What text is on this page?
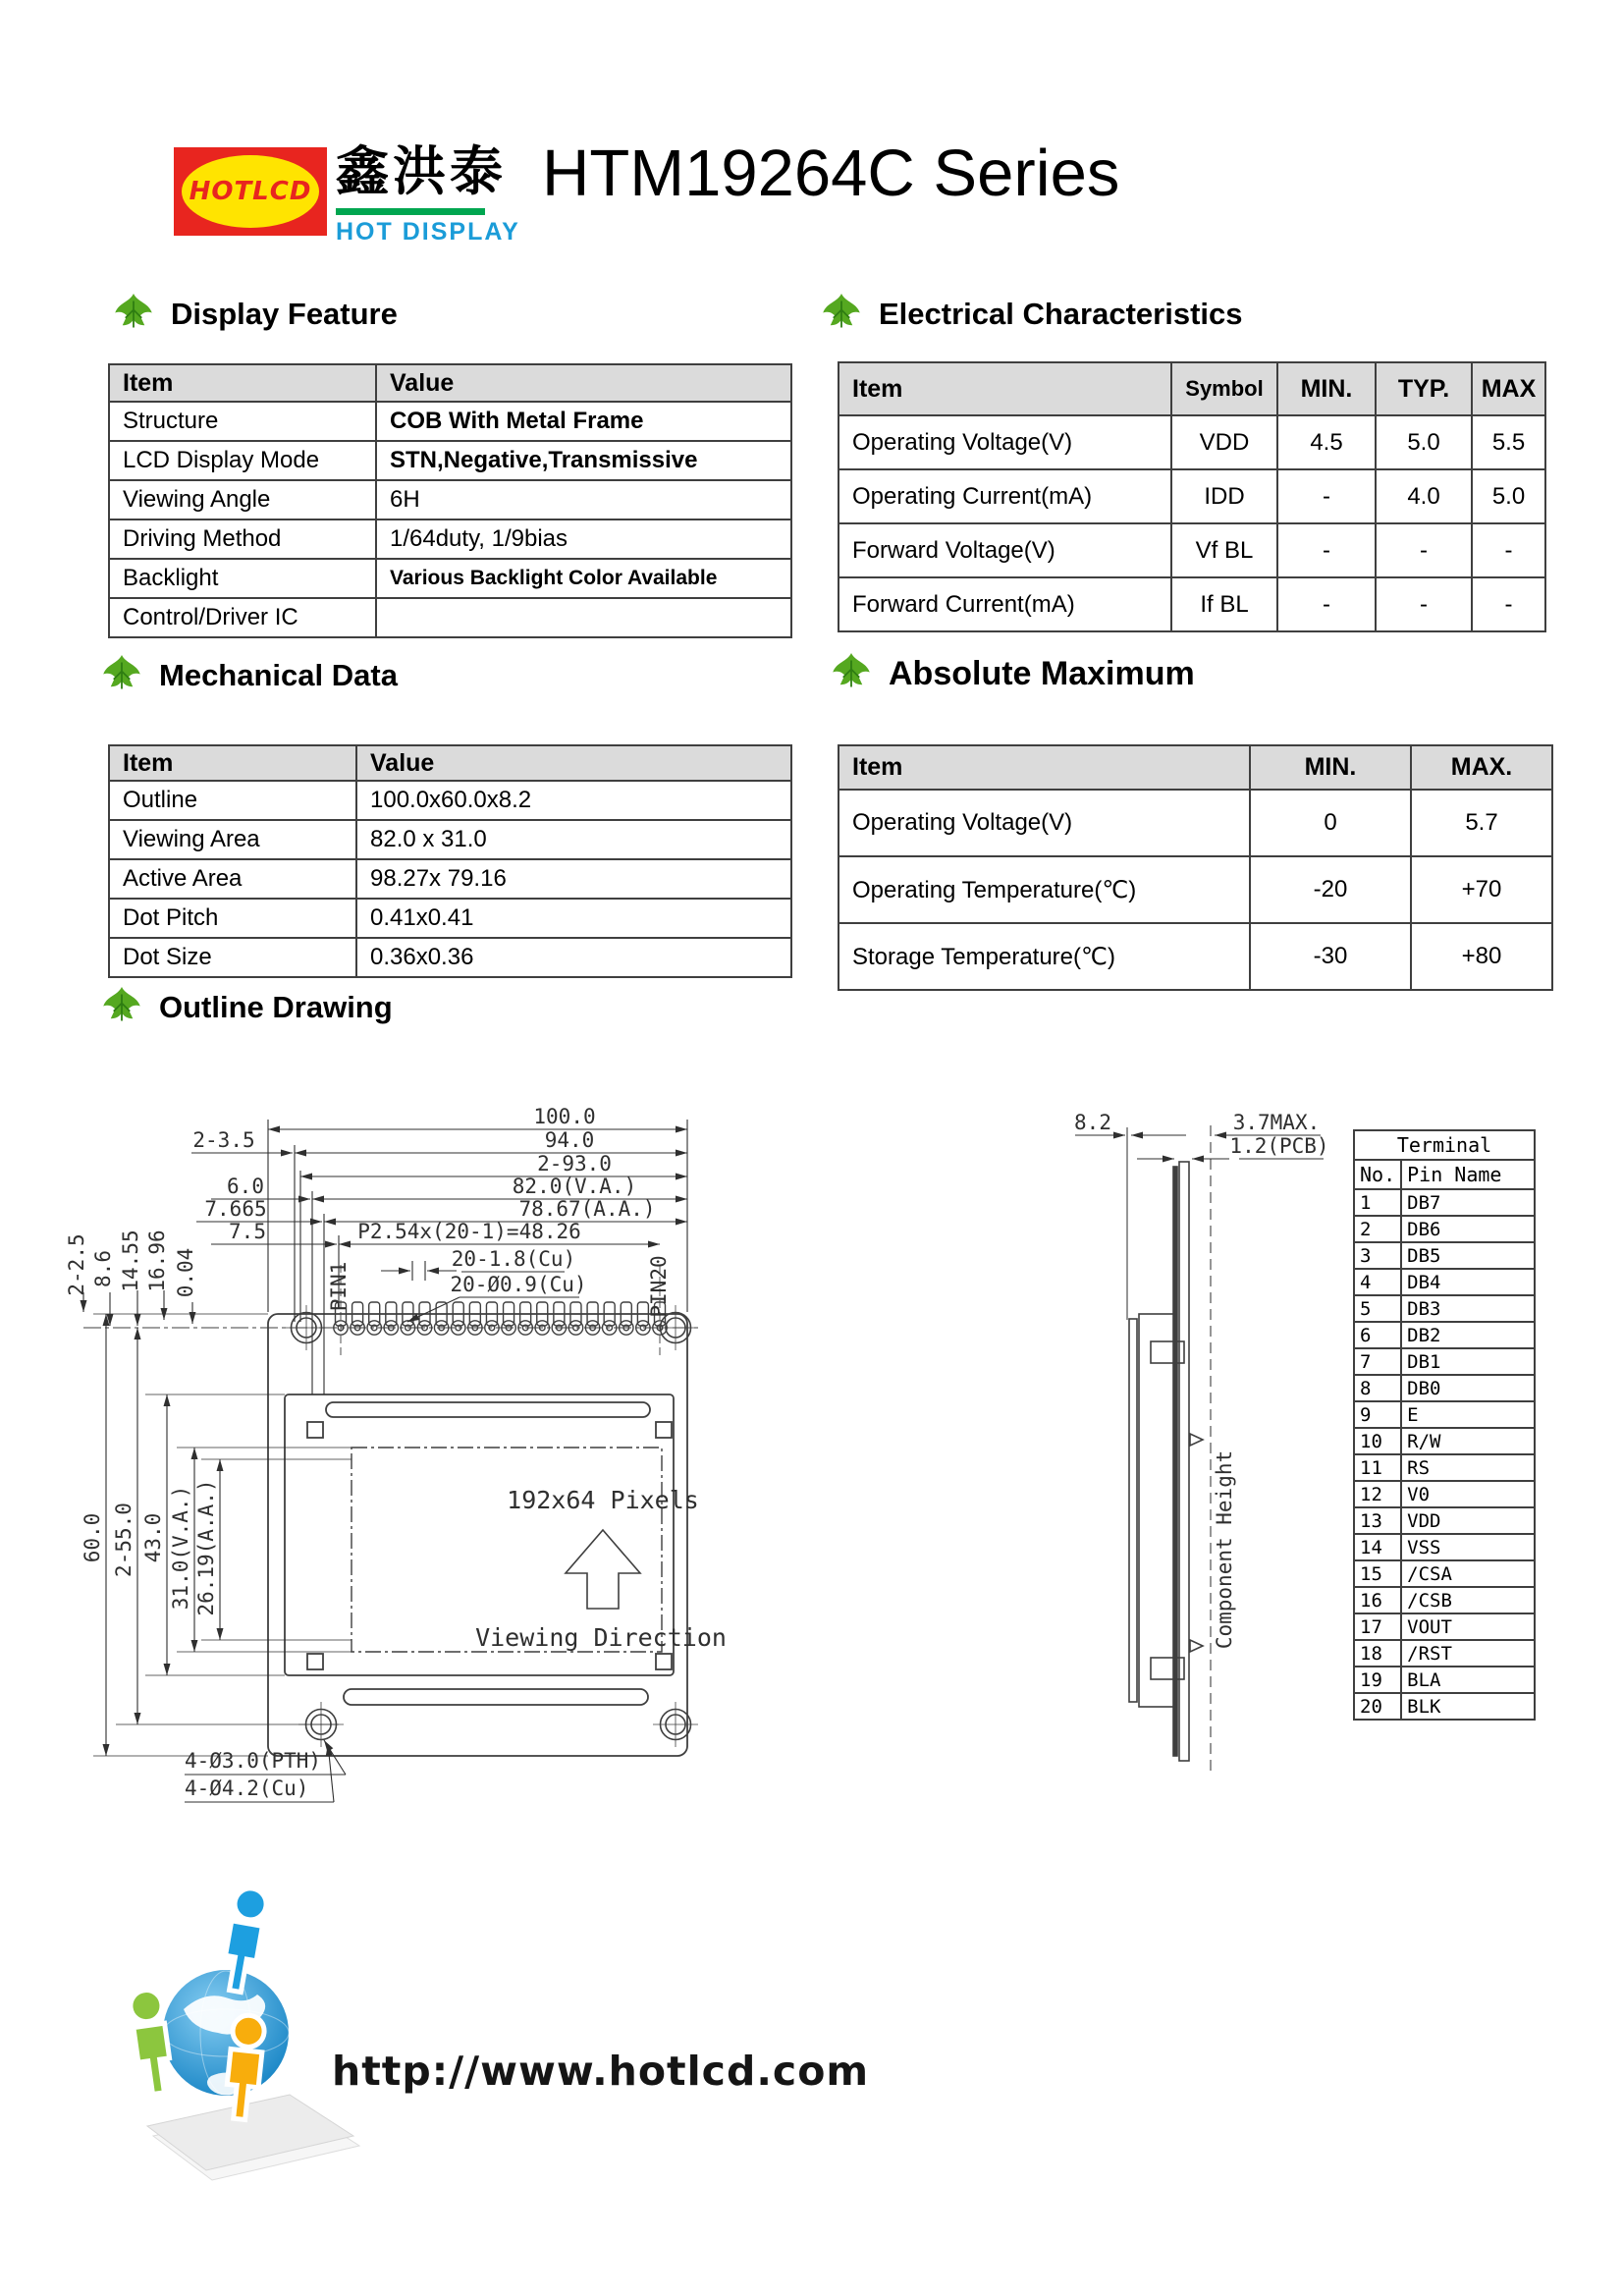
HOTLCD 鑫洪泰
HOT DISPLAY
HTM19264C Series
Display Feature	Electrical Characteristics
Mechanical Data	Absolute Maximum
Outline Drawing
Item	Value
Structure	COB With Metal Frame
LCD Display Mode	STN,Negative,Transmissive
Viewing Angle	6H
Driving Method	1/64duty, 1/9bias
Backlight	Various Backlight Color Available
Control/Driver IC	
Item	Symbol	MIN.	TYP.	MAX
Operating Voltage(V)	VDD	4.5	5.0	5.5
Operating Current(mA)	IDD	-	4.0	5.0
Forward Voltage(V)	Vf BL	-	-	-
Forward Current(mA)	If BL	-	-	-
Item	Value
Outline	100.0x60.0x8.2
Viewing Area	82.0 x 31.0
Active Area	98.27x 79.16
Dot Pitch	0.41x0.41
Dot Size	0.36x0.36
Item	MIN.	MAX.
Operating Voltage(V)	0	5.7
Operating Temperature(℃)	-20	+70
Storage Temperature(℃)	-30	+80
192x64 Pixels
Viewing Direction
100.0
94.0
2-3.5
2-93.0
82.0(V.A.)
6.0
78.67(A.A.)
7.665
P2.54x(20-1)=48.26
7.5
20-1.8(Cu)
20-Ø0.9(Cu)
PIN1	PIN20
2-2.5 8.6 14.55 16.96 0.04
60.0 2-55.0 43.0 31.0(V.A.) 26.19(A.A.)
4-Ø3.0(PTH)
4-Ø4.2(Cu)
8.2	3.7MAX.
1.2(PCB)
Component Height
Terminal	
No.	Pin Name
1	DB7
2	DB6
3	DB5
4	DB4
5	DB3
6	DB2
7	DB1
8	DB0
9	E
10	R/W
11	RS
12	V0
13	VDD
14	VSS
15	/CSA
16	/CSB
17	VOUT
18	/RST
19	BLA
20	BLK
http://www.hotlcd.com
